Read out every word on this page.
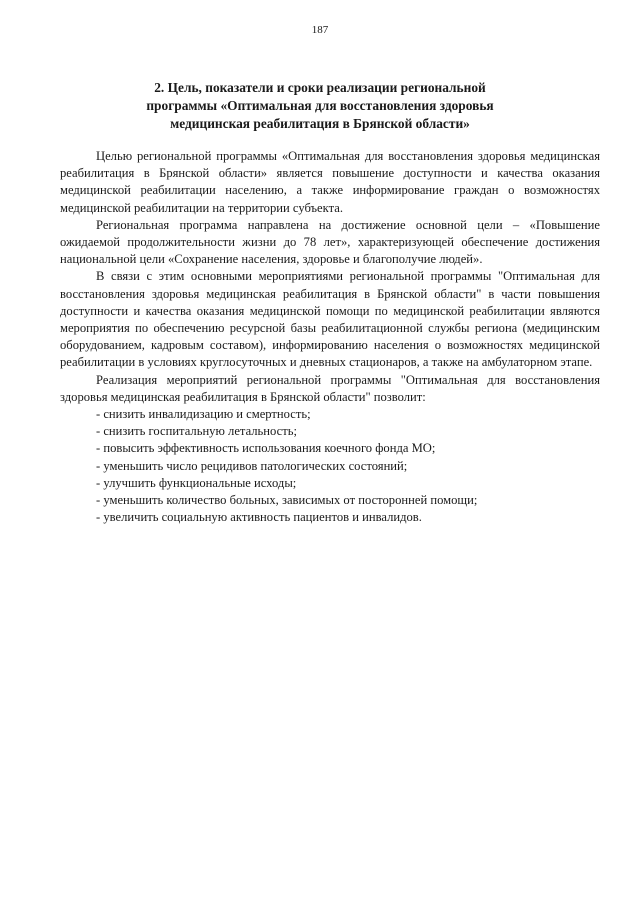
187
2. Цель, показатели и сроки реализации региональной
программы «Оптимальная для восстановления здоровья
медицинская реабилитация в Брянской области»

Целью региональной программы «Оптимальная для восстановления здоровья медицинская реабилитация в Брянской области» является повышение доступности и качества оказания медицинской реабилитации населению, а также информирование граждан о возможностях медицинской реабилитации на территории субъекта.

Региональная программа направлена на достижение основной цели – «Повышение ожидаемой продолжительности жизни до 78 лет», характеризующей обеспечение достижения национальной цели «Сохранение населения, здоровье и благополучие людей».

В связи с этим основными мероприятиями региональной программы "Оптимальная для восстановления здоровья медицинская реабилитация в Брянской области" в части повышения доступности и качества оказания медицинской помощи по медицинской реабилитации являются мероприятия по обеспечению ресурсной базы реабилитационной службы региона (медицинским оборудованием, кадровым составом), информированию населения о возможностях медицинской реабилитации в условиях круглосуточных и дневных стационаров, а также на амбулаторном этапе.

Реализация мероприятий региональной программы "Оптимальная для восстановления здоровья медицинская реабилитация в Брянской области" позволит:

- снизить инвалидизацию и смертность;
- снизить госпитальную летальность;
- повысить эффективность использования коечного фонда МО;
- уменьшить число рецидивов патологических состояний;
- улучшить функциональные исходы;
- уменьшить количество больных, зависимых от посторонней помощи;
- увеличить социальную активность пациентов и инвалидов.
